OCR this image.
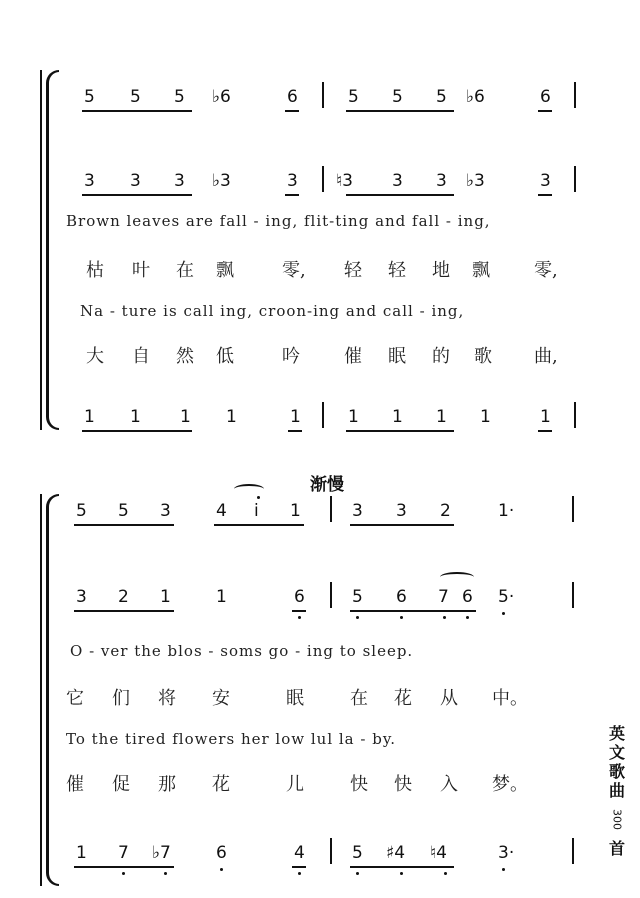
5 5 5 ♭6	6	5 5 5 ♭6	6
3 3 3 ♭3	3 ♮3 3 3 ♭3	3
Brown leaves are fall - ing, flit-ting and fall - ing,
枯 叶 在 飘	零, 轻 轻 地 飘 零,
Na - ture is call ing, croon-ing and call - ing,
大 自 然 低	吟 催 眠 的 歌 曲,
1 1 1 1	1	1 1 1 1	1
渐慢
5 5 3	4 i 1	3 3 2	1·
3 2 1	1	6	5 6 7 6 5·
O - ver the blos - soms go - ing to sleep.
它 们 将 安	眠	在 花 从 中。
To the tired flowers her low lul la - by.
催 促 那 花	儿	快 快 入 梦。
1 7 ♭7	6	4	5 ♯4 ♮4	3·
英
文
歌
曲
300
首
